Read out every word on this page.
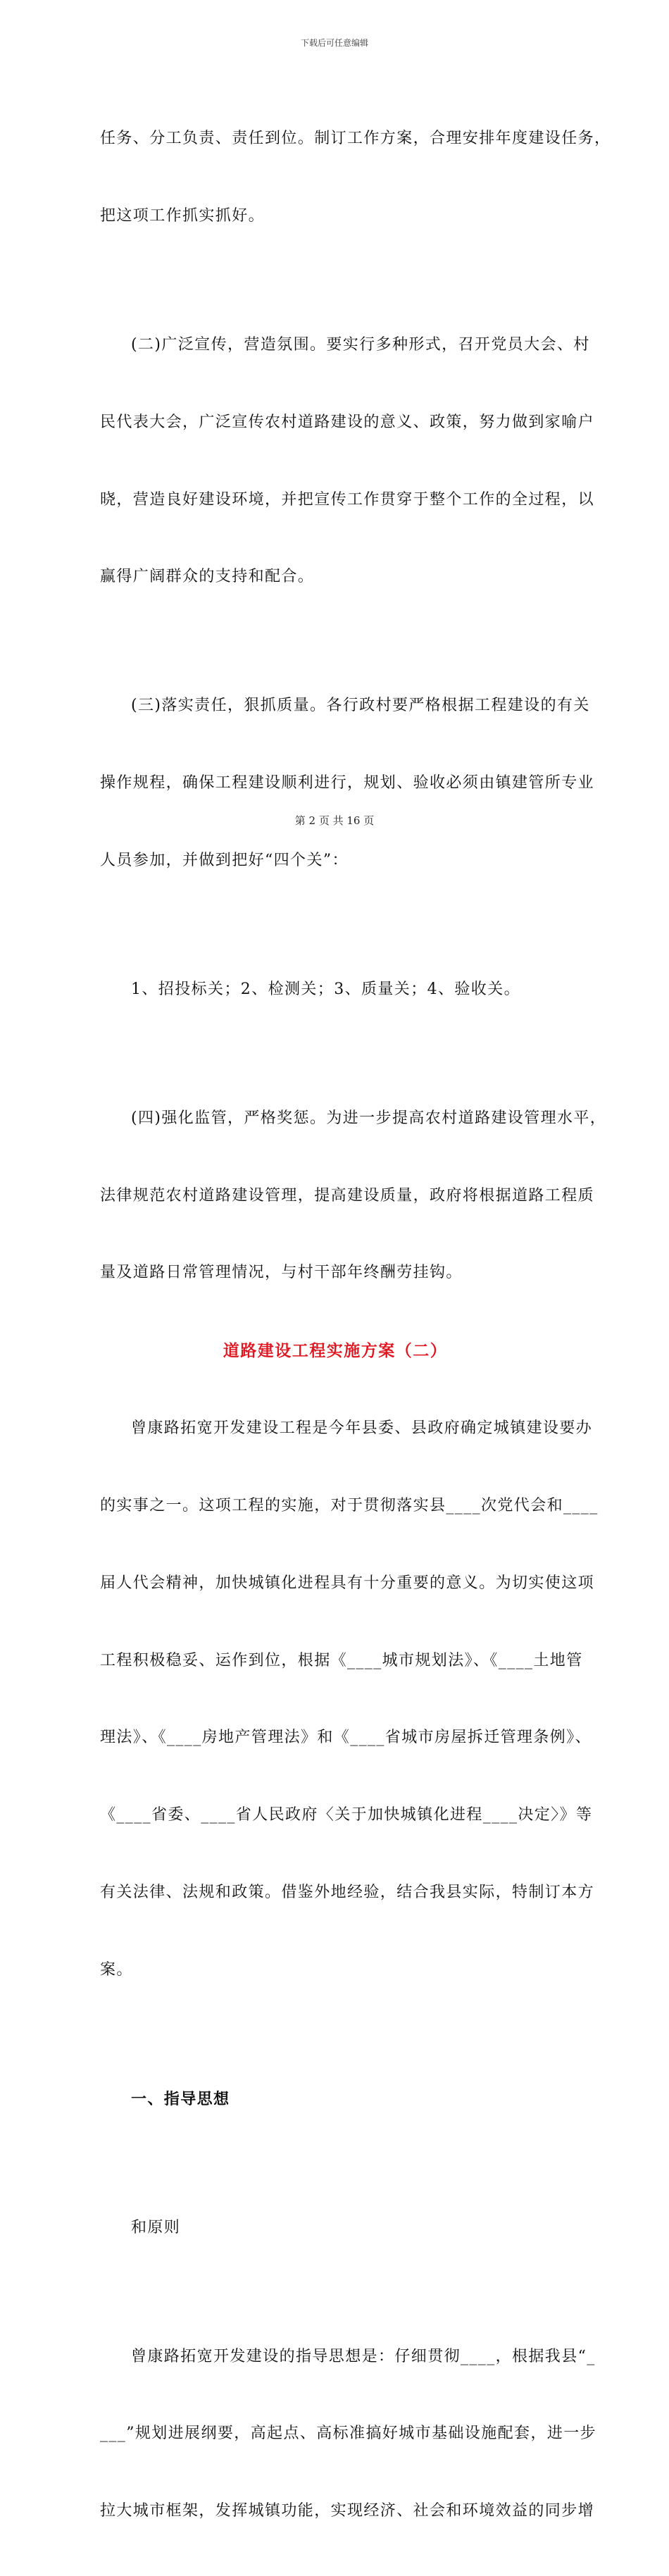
下载后可任意编辑

任务、分工负责、责任到位。制订工作方案，合理安排年度建设任务，

把这项工作抓实抓好。

(二)广泛宣传，营造氛围。要实行多种形式，召开党员大会、村

民代表大会，广泛宣传农村道路建设的意义、政策，努力做到家喻户

晓，营造良好建设环境，并把宣传工作贯穿于整个工作的全过程，以

赢得广阔群众的支持和配合。

(三)落实责任，狠抓质量。各行政村要严格根据工程建设的有关

操作规程，确保工程建设顺利进行，规划、验收必须由镇建管所专业

人员参加，并做到把好“四个关”：

1、招投标关；2、检测关；3、质量关；4、验收关。

(四)强化监管，严格奖惩。为进一步提高农村道路建设管理水平，

法律规范农村道路建设管理，提高建设质量，政府将根据道路工程质

量及道路日常管理情况，与村干部年终酬劳挂钩。

道路建设工程实施方案（二）

曾康路拓宽开发建设工程是今年县委、县政府确定城镇建设要办

的实事之一。这项工程的实施，对于贯彻落实县____次党代会和____

届人代会精神，加快城镇化进程具有十分重要的意义。为切实使这项

工程积极稳妥、运作到位，根据《____城市规划法》、《____土地管

理法》、《____房地产管理法》和《____省城市房屋拆迁管理条例》、

《____省委、____省人民政府〈关于加快城镇化进程____决定〉》等

有关法律、法规和政策。借鉴外地经验，结合我县实际，特制订本方

案。

一、指导思想

和原则

曾康路拓宽开发建设的指导思想是：仔细贯彻____，根据我县“_

___”规划进展纲要，高起点、高标准搞好城市基础设施配套，进一步

拉大城市框架，发挥城镇功能，实现经济、社会和环境效益的同步增

第 2 页 共 16 页
